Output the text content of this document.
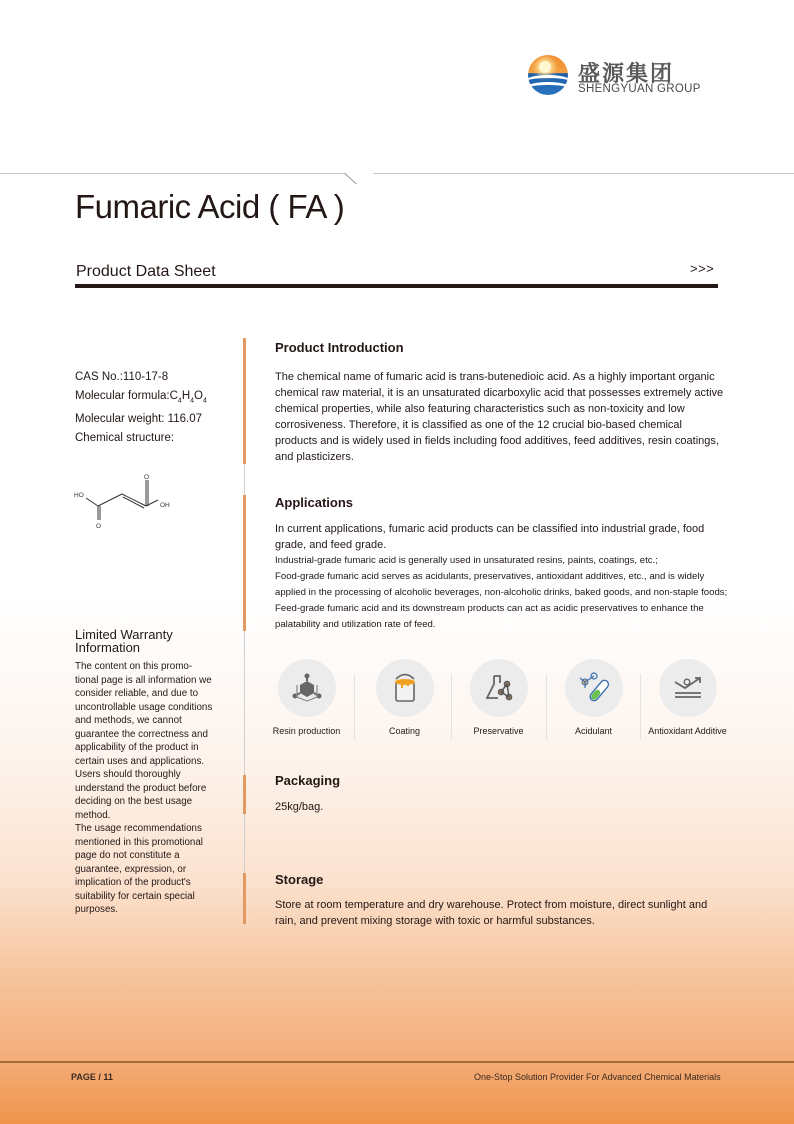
盛源集团
SHENGYUAN GROUP
Fumaric Acid ( FA )
Product Data Sheet	>>>
CAS No.:110-17-8
Molecular $formula:C_4H_4O_4$
Molecular weight: 116.07
Chemical structure:
HO
OH
O
O
Limited Warranty
Information
The content on this promo-tional page is all information we consider reliable, and due to uncontrollable usage conditions and methods, we cannot guarantee the correctness and applicability of the product in certain uses and applications.
Users should thoroughly understand the product before deciding on the best usage method.
The usage recommendations mentioned in this promotional page do not constitute a guarantee, expression, or implication of the product's suitability for certain special purposes.
Product Introduction
The chemical name of fumaric acid is trans-butenedioic acid. As a highly important organic chemical raw material, it is an unsaturated dicarboxylic acid that possesses extremely active chemical properties, while also featuring characteristics such as non-toxicity and low corrosiveness. Therefore, it is classified as one of the 12 crucial bio-based chemical products and is widely used in fields including food additives, feed additives, resin coatings, and plasticizers.
Applications
In current applications, fumaric acid products can be classified into industrial grade, food grade, and feed grade.
Industrial-grade fumaric acid is generally used in unsaturated resins, paints, coatings, etc.;
Food-grade fumaric acid serves as acidulants, preservatives, antioxidant additives, etc., and is widely applied in the processing of alcoholic beverages, non-alcoholic drinks, baked goods, and non-staple foods;
Feed-grade fumaric acid and its downstream products can act as acidic preservatives to enhance the palatability and utilization rate of feed.
Resin production	Coating	Preservative	Acidulant	Antioxidant Additive
Packaging
25kg/bag.
Storage
Store at room temperature and dry warehouse. Protect from moisture, direct sunlight and rain, and prevent mixing storage with toxic or harmful substances.
PAGE / 11	One-Stop Solution Provider For Advanced Chemical Materials
